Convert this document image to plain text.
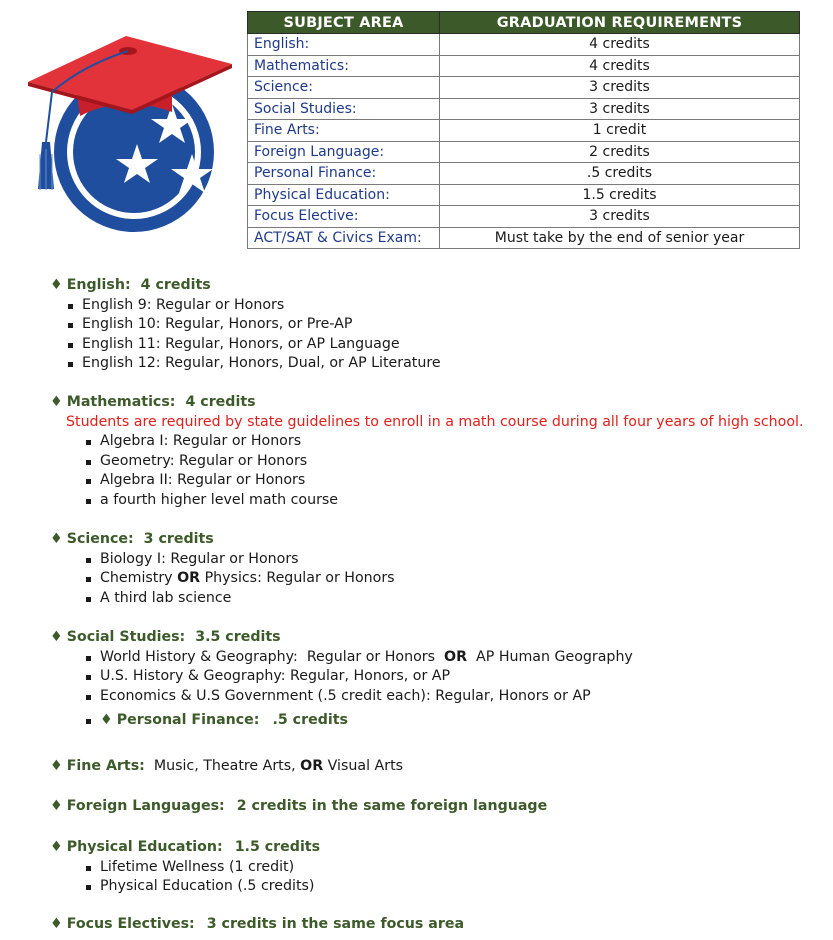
SUBJECT AREA	GRADUATION REQUIREMENTS
English:	4 credits
Mathematics:	4 credits
Science:	3 credits
Social Studies:	3 credits
Fine Arts:	1 credit
Foreign Language:	2 credits
Personal Finance:	.5 credits
Physical Education:	1.5 credits
Focus Elective:	3 credits
ACT/SAT & Civics Exam:	Must take by the end of senior year
♦ English: 4 credits
English 9: Regular or Honors
English 10: Regular, Honors, or Pre-AP
English 11: Regular, Honors, or AP Language
English 12: Regular, Honors, Dual, or AP Literature
♦ Mathematics: 4 credits
Students are required by state guidelines to enroll in a math course during all four years of high school.
Algebra I: Regular or Honors
Geometry: Regular or Honors
Algebra II: Regular or Honors
a fourth higher level math course
♦ Science: 3 credits
Biology I: Regular or Honors
Chemistry OR Physics: Regular or Honors
A third lab science
♦ Social Studies: 3.5 credits
World History & Geography:  Regular or Honors  OR  AP Human Geography
U.S. History & Geography: Regular, Honors, or AP
Economics & U.S Government (.5 credit each): Regular, Honors or AP
♦ Personal Finance: .5 credits
♦ Fine Arts:  Music, Theatre Arts, OR Visual Arts
♦ Foreign Languages: 2 credits in the same foreign language
♦ Physical Education: 1.5 credits
Lifetime Wellness (1 credit)
Physical Education (.5 credits)
♦ Focus Electives: 3 credits in the same focus area
